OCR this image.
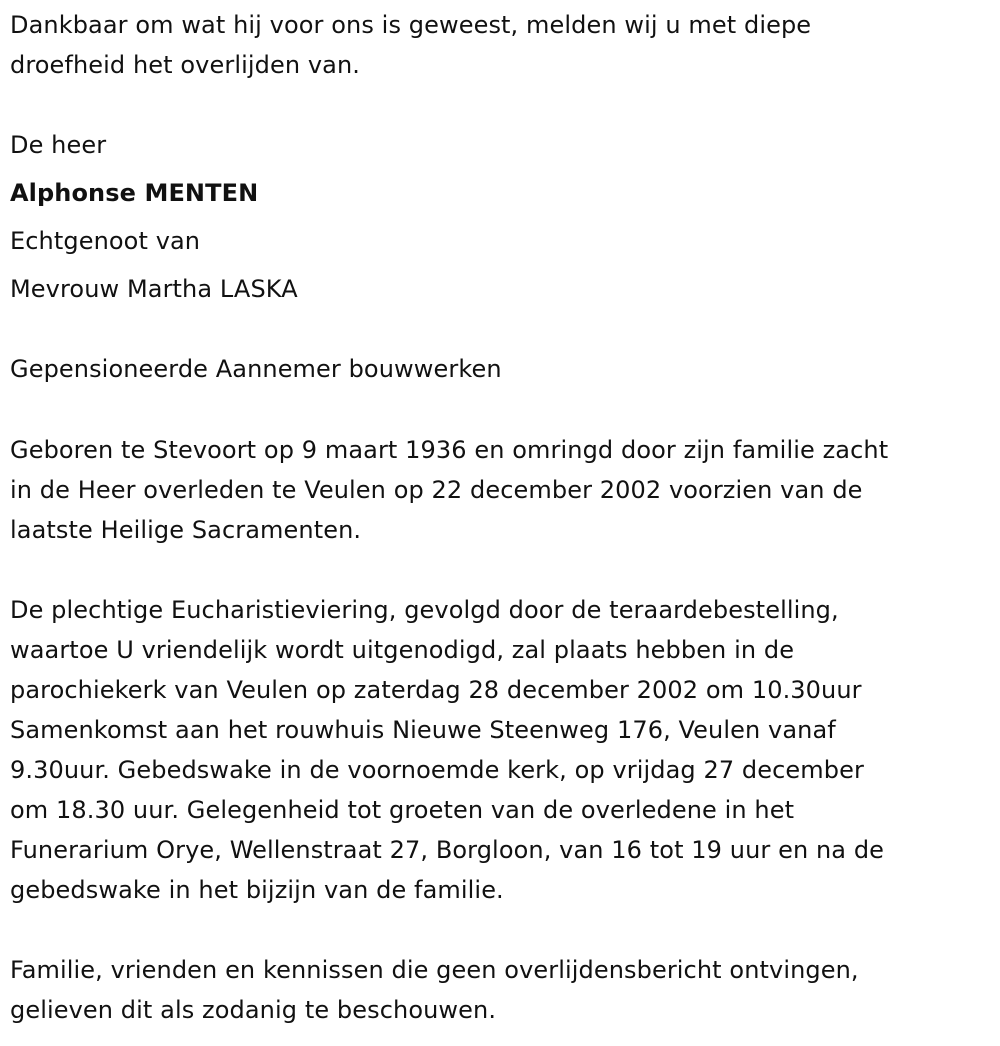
Dankbaar om wat hij voor ons is geweest, melden wij u met diepe
droefheid het overlijden van.
De heer
Alphonse MENTEN
Echtgenoot van
Mevrouw Martha LASKA
Gepensioneerde Aannemer bouwwerken
Geboren te Stevoort op 9 maart 1936 en omringd door zijn familie zacht
in de Heer overleden te Veulen op 22 december 2002 voorzien van de
laatste Heilige Sacramenten.
De plechtige Eucharistieviering, gevolgd door de teraardebestelling,
waartoe U vriendelijk wordt uitgenodigd, zal plaats hebben in de
parochiekerk van Veulen op zaterdag 28 december 2002 om 10.30uur
Samenkomst aan het rouwhuis Nieuwe Steenweg 176, Veulen vanaf
9.30uur. Gebedswake in de voornoemde kerk, op vrijdag 27 december
om 18.30 uur. Gelegenheid tot groeten van de overledene in het
Funerarium Orye, Wellenstraat 27, Borgloon, van 16 tot 19 uur en na de
gebedswake in het bijzijn van de familie.
Familie, vrienden en kennissen die geen overlijdensbericht ontvingen,
gelieven dit als zodanig te beschouwen.
